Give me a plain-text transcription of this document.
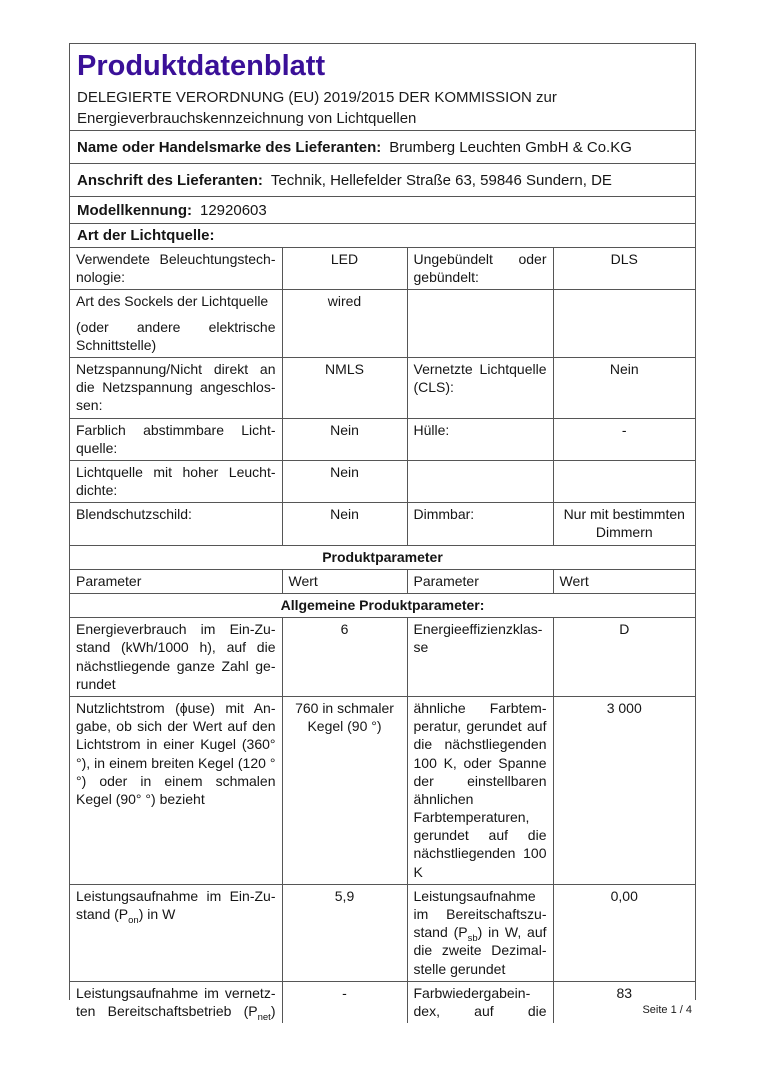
Produktdatenblatt
DELEGIERTE VERORDNUNG (EU) 2019/2015 DER KOMMISSION zur
Energieverbrauchskennzeichnung von Lichtquellen
Name oder Handelsmarke des Lieferanten: Brumberg Leuchten GmbH & Co.KG
Anschrift des Lieferanten: Technik, Hellefelder Straße 63, 59846 Sundern, DE
Modellkennung: 12920603
Art der Lichtquelle:
Verwendete Beleuchtungstechnologie:	LED	Ungebündelt oder gebündelt:	DLS

Art des Sockels der Lichtquelle
(oder andere elektrische Schnittstelle)	wired		
Netzspannung/Nicht direkt an die Netzspannung angeschlossen:	NMLS	Vernetzte Lichtquelle (CLS):	Nein
Farblich abstimmbare Lichtquelle:	Nein	Hülle:	-
Lichtquelle mit hoher Leuchtdichte:	Nein		
Blendschutzschild:	Nein	Dimmbar:	Nur mit bestimmten Dimmern
Produktparameter			
Parameter	Wert	Parameter	Wert
Allgemeine Produktparameter:			
Energieverbrauch im Ein-Zustand (kWh/1000 h), auf die nächstliegende ganze Zahl gerundet	6	Energieeffizienzklasse	D
Nutzlichtstrom (ϕuse) mit Angabe, ob sich der Wert auf den Lichtstrom in einer Kugel (360° °), in einem breiten Kegel (120 °°) oder in einem schmalen Kegel (90° °) bezieht	760 in schmaler Kegel (90 °)	ähnliche Farbtemperatur, gerundet auf die nächstliegenden 100 K, oder Spanne der einstellbaren ähnlichen Farbtemperaturen, gerundet auf die nächstliegenden 100 K	3 000
Leistungsaufnahme im Ein-Zustand $(P_{on})$ in W	5,9	Leistungsaufnahme im Bereitschaftszustand $(P_{sb})$ in W, auf die zweite Dezimalstelle gerundet	0,00
Leistungsaufnahme im vernetzten Bereitschaftsbetrieb $(P_{net})$	-	Farbwiedergabeindex, auf die	83
Seite 1 / 4
